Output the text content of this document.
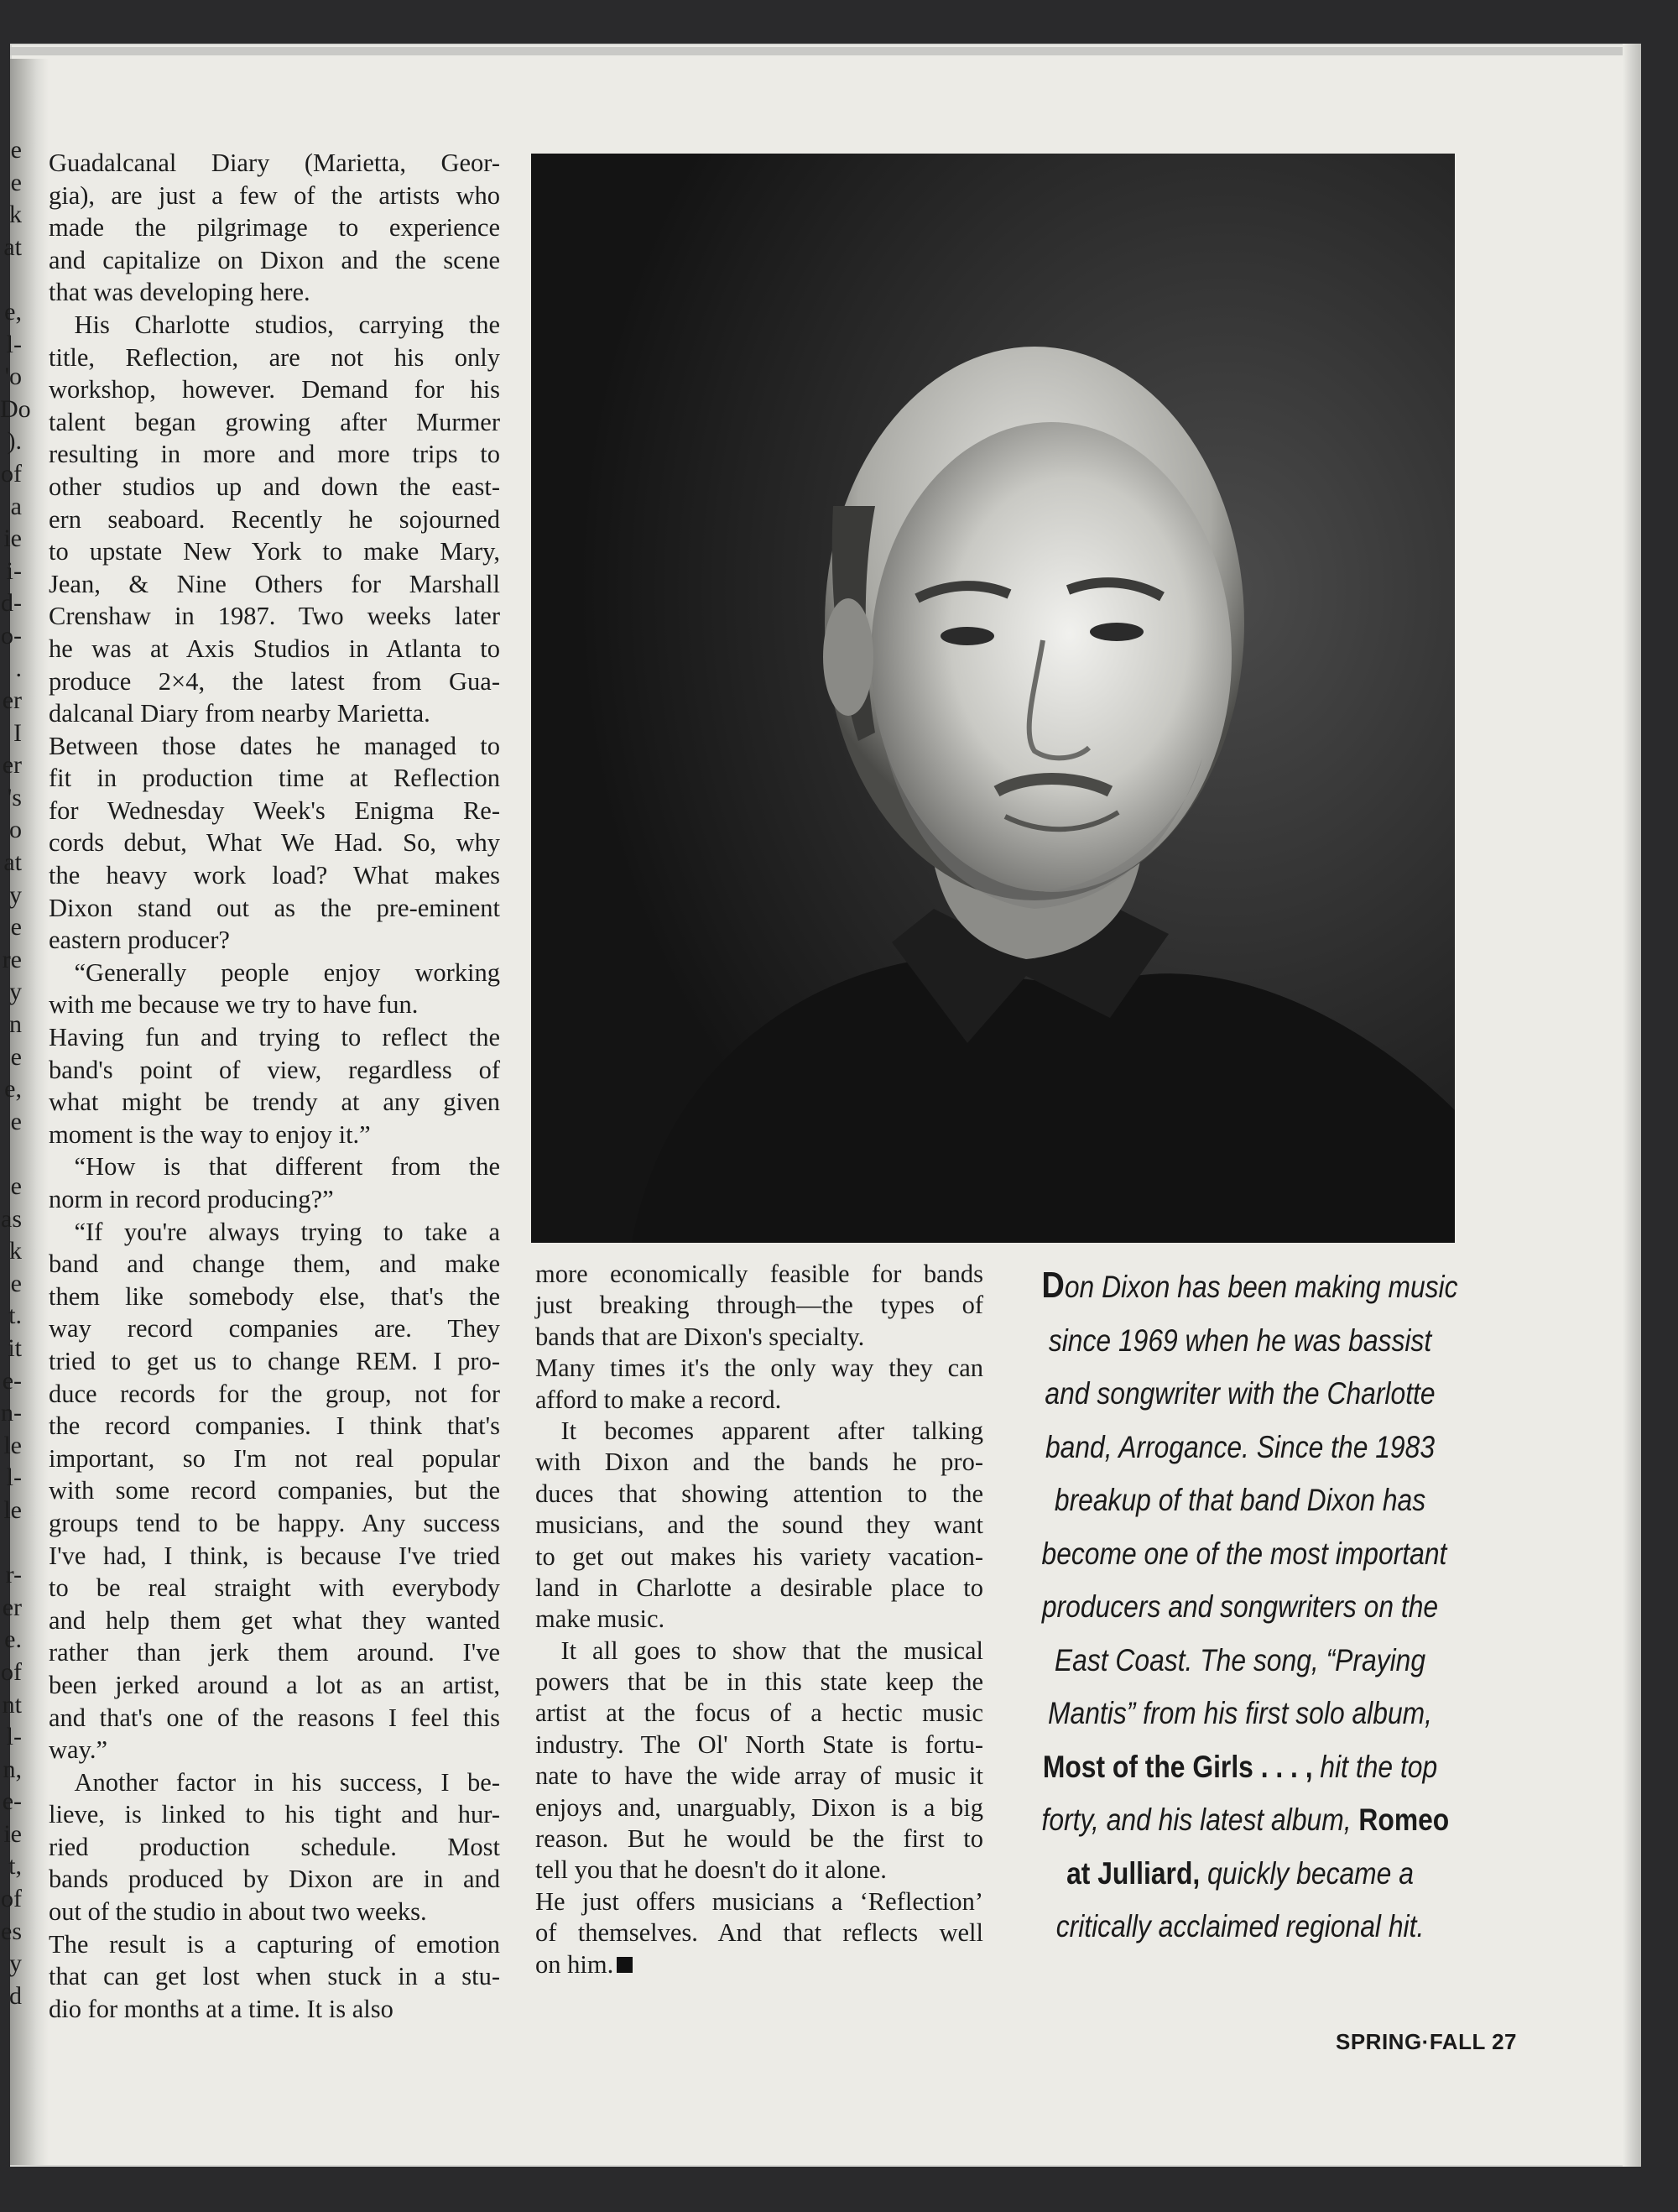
e
e
k
at
e,
l-
'o
Do
).
of
a
ie
i-
d-
o-
.
er
I
er
's
o
at
y
e
re
y
n
e
e,
e
e
as
k
e
t.
it
e-
n-
le
l-
le
r-
er
e.
of
nt
l-
n,
e-
ie
t,
of
es
y
d
Guadalcanal Diary (Marietta, Geor-
gia), are just a few of the artists who
made the pilgrimage to experience
and capitalize on Dixon and the scene
that was developing here.
 His Charlotte studios, carrying the
title, Reflection, are not his only
workshop, however. Demand for his
talent began growing after Murmer
resulting in more and more trips to
other studios up and down the east-
ern seaboard. Recently he sojourned
to upstate New York to make Mary,
Jean, & Nine Others for Marshall
Crenshaw in 1987. Two weeks later
he was at Axis Studios in Atlanta to
produce 2×4, the latest from Gua-
dalcanal Diary from nearby Marietta.
Between those dates he managed to
fit in production time at Reflection
for Wednesday Week's Enigma Re-
cords debut, What We Had. So, why
the heavy work load? What makes
Dixon stand out as the pre-eminent
eastern producer?
 “Generally people enjoy working
with me because we try to have fun.
Having fun and trying to reflect the
band's point of view, regardless of
what might be trendy at any given
moment is the way to enjoy it.”
 “How is that different from the
norm in record producing?”
 “If you're always trying to take a
band and change them, and make
them like somebody else, that's the
way record companies are. They
tried to get us to change REM. I pro-
duce records for the group, not for
the record companies. I think that's
important, so I'm not real popular
with some record companies, but the
groups tend to be happy. Any success
I've had, I think, is because I've tried
to be real straight with everybody
and help them get what they wanted
rather than jerk them around. I've
been jerked around a lot as an artist,
and that's one of the reasons I feel this
way.”
 Another factor in his success, I be-
lieve, is linked to his tight and hur-
ried production schedule. Most
bands produced by Dixon are in and
out of the studio in about two weeks.
The result is a capturing of emotion
that can get lost when stuck in a stu-
dio for months at a time. It is also
more economically feasible for bands
just breaking through—the types of
bands that are Dixon's specialty.
Many times it's the only way they can
afford to make a record.
 It becomes apparent after talking
with Dixon and the bands he pro-
duces that showing attention to the
musicians, and the sound they want
to get out makes his variety vacation-
land in Charlotte a desirable place to
make music.
 It all goes to show that the musical
powers that be in this state keep the
artist at the focus of a hectic music
industry. The Ol' North State is fortu-
nate to have the wide array of music it
enjoys and, unarguably, Dixon is a big
reason. But he would be the first to
tell you that he doesn't do it alone.
He just offers musicians a ‘Reflection’
of themselves. And that reflects well
on him.
Don Dixon has been making music
since 1969 when he was bassist
and songwriter with the Charlotte
band, Arrogance. Since the 1983
breakup of that band Dixon has
become one of the most important
producers and songwriters on the
East Coast. The song, “Praying
Mantis” from his first solo album,
Most of the Girls . . . , hit the top
forty, and his latest album, Romeo
at Julliard, quickly became a
critically acclaimed regional hit.
SPRING·FALL 27
